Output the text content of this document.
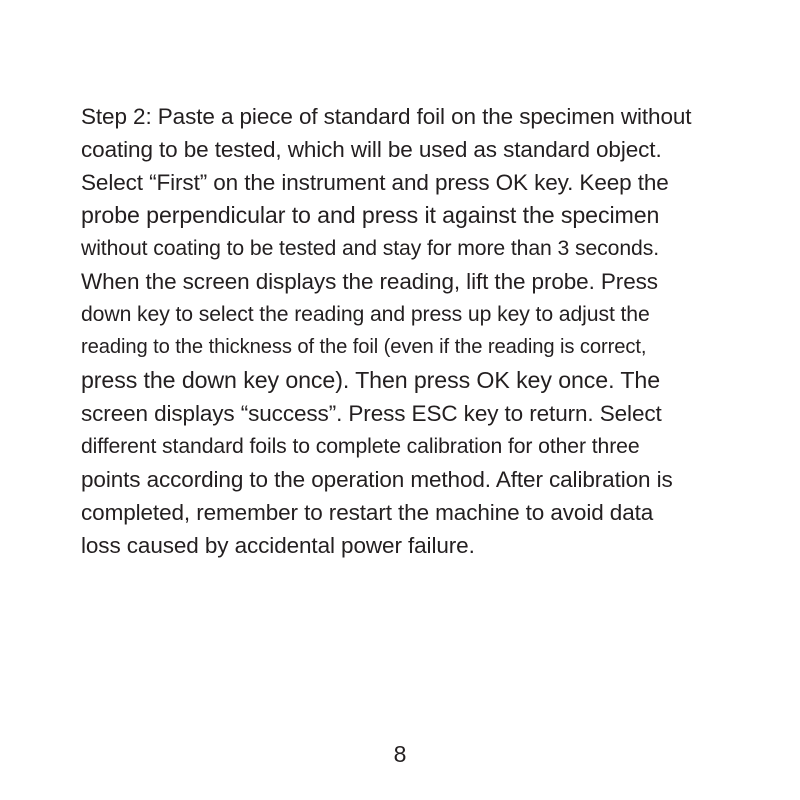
Step 2: Paste a piece of standard foil on the specimen without
coating to be tested, which will be used as standard object.
Select “First” on the instrument and press OK key. Keep the
probe perpendicular to and press it against the specimen
without coating to be tested and stay for more than 3 seconds.
When the screen displays the reading, lift the probe. Press
down key to select the reading and press up key to adjust the
reading to the thickness of the foil (even if the reading is correct,
press the down key once). Then press OK key once. The
screen displays “success”. Press ESC key to return. Select
different standard foils to complete calibration for other three
points according to the operation method. After calibration is
completed, remember to restart the machine to avoid data
loss caused by accidental power failure.
8
